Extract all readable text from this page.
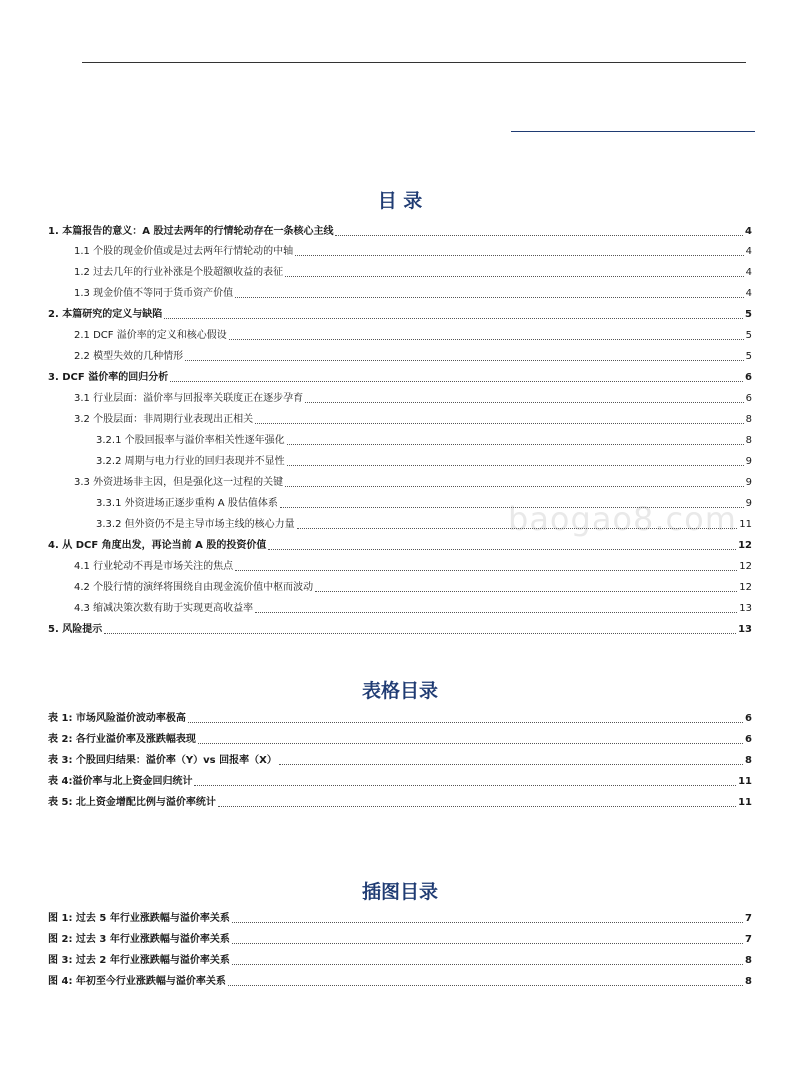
目 录
1. 本篇报告的意义：A 股过去两年的行情轮动存在一条核心主线	4
1.1 个股的现金价值或是过去两年行情轮动的中轴	4
1.2 过去几年的行业补涨是个股超额收益的表征	4
1.3 现金价值不等同于货币资产价值	4
2. 本篇研究的定义与缺陷	5
2.1 DCF 溢价率的定义和核心假设	5
2.2 模型失效的几种情形	5
3. DCF 溢价率的回归分析	6
3.1 行业层面：溢价率与回报率关联度正在逐步孕育	6
3.2 个股层面：非周期行业表现出正相关	8
3.2.1 个股回报率与溢价率相关性逐年强化	8
3.2.2 周期与电力行业的回归表现并不显性	9
3.3 外资进场非主因，但是强化这一过程的关键	9
3.3.1 外资进场正逐步重构 A 股估值体系	9
3.3.2 但外资仍不是主导市场主线的核心力量	11
4. 从 DCF 角度出发，再论当前 A 股的投资价值	12
4.1 行业轮动不再是市场关注的焦点	12
4.2 个股行情的演绎将围绕自由现金流价值中枢而波动	12
4.3 缩减决策次数有助于实现更高收益率	13
5. 风险提示	13
表格目录
表 1: 市场风险溢价波动率极高	6
表 2: 各行业溢价率及涨跌幅表现	6
表 3: 个股回归结果：溢价率（Y）vs 回报率（X）	8
表 4:溢价率与北上资金回归统计	11
表 5: 北上资金增配比例与溢价率统计	11
插图目录
图 1: 过去 5 年行业涨跌幅与溢价率关系	7
图 2: 过去 3 年行业涨跌幅与溢价率关系	7
图 3: 过去 2 年行业涨跌幅与溢价率关系	8
图 4: 年初至今行业涨跌幅与溢价率关系	8
baogao8.com
